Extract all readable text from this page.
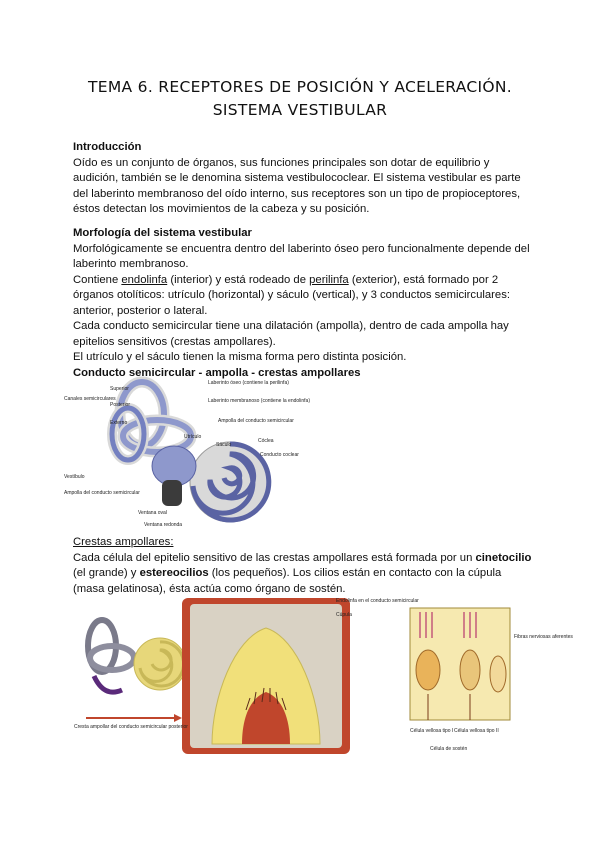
TEMA 6. RECEPTORES DE POSICIÓN Y ACELERACIÓN.
SISTEMA VESTIBULAR

Introducción

Oído es un conjunto de órganos, sus funciones principales son dotar de equilibrio y audición, también se le denomina sistema vestibulococlear. El sistema vestibular es parte del laberinto membranoso del oído interno, sus receptores son un tipo de propioceptores, éstos detectan los movimientos de la cabeza y su posición.

Morfología del sistema vestibular

Morfológicamente se encuentra dentro del laberinto óseo pero funcionalmente depende del laberinto membranoso.

Contiene endolinfa (interior) y está rodeado de perilinfa (exterior), está formado por 2 órganos otolíticos: utrículo (horizontal) y sáculo (vertical), y 3 conductos semicirculares: anterior, posterior o lateral.

Cada conducto semicircular tiene una dilatación (ampolla), dentro de cada ampolla hay epitelios sensitivos (crestas ampollares).

El utrículo y el sáculo tienen la misma forma pero distinta posición.

Conducto semicircular - ampolla - crestas ampollares

Canales semicirculares
Superior
Posterior
Externo
Vestíbulo
Ampolla del conducto semicircular
Ventana oval
Ventana redonda
Laberinto óseo (contiene la perilinfa)
Laberinto membranoso (contiene la endolinfa)
Ampolla del conducto semicircular
Utrículo
Sáculo
Cóclea
Conducto coclear

Crestas ampollares:

Cada célula del epitelio sensitivo de las crestas ampollares está formada por un cinetocilio (el grande) y estereocilios (los pequeños). Los cilios están en contacto con la cúpula (masa gelatinosa), ésta actúa como órgano de sostén.

Cresta ampollar del conducto semicircular posterior
Endolinfa en el conducto semicircular
Cúpula
Fibras nerviosas aferentes
Célula vellosa tipo I Célula vellosa tipo II
Célula de sostén
